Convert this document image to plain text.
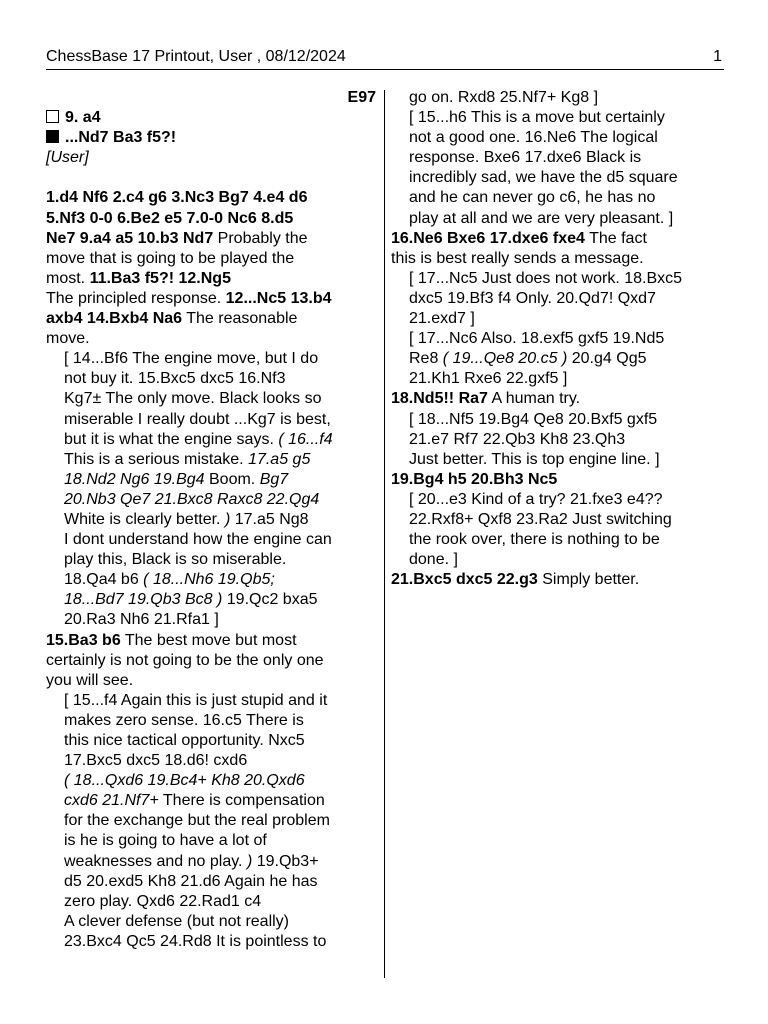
ChessBase 17 Printout, User , 08/12/2024	1
E97
9. a4
...Nd7 Ba3 f5?!
[User]

1.d4 Nf6 2.c4 g6 3.Nc3 Bg7 4.e4 d6
5.Nf3 0-0 6.Be2 e5 7.0-0 Nc6 8.d5
Ne7 9.a4 a5 10.b3 Nd7 Probably the
move that is going to be played the
most. 11.Ba3 f5?! 12.Ng5
The principled response. 12...Nc5 13.b4
axb4 14.Bxb4 Na6 The reasonable
move.
[ 14...Bf6 The engine move, but I do
not buy it. 15.Bxc5 dxc5 16.Nf3
Kg7± The only move. Black looks so
miserable I really doubt ...Kg7 is best,
but it is what the engine says. ( 16...f4
This is a serious mistake. 17.a5 g5
18.Nd2 Ng6 19.Bg4 Boom. Bg7
20.Nb3 Qe7 21.Bxc8 Raxc8 22.Qg4
White is clearly better. ) 17.a5 Ng8
I dont understand how the engine can
play this, Black is so miserable.
18.Qa4 b6 ( 18...Nh6 19.Qb5;
18...Bd7 19.Qb3 Bc8 ) 19.Qc2 bxa5
20.Ra3 Nh6 21.Rfa1 ]
15.Ba3 b6 The best move but most
certainly is not going to be the only one
you will see.
[ 15...f4 Again this is just stupid and it
makes zero sense. 16.c5 There is
this nice tactical opportunity. Nxc5
17.Bxc5 dxc5 18.d6! cxd6
( 18...Qxd6 19.Bc4+ Kh8 20.Qxd6
cxd6 21.Nf7+ There is compensation
for the exchange but the real problem
is he is going to have a lot of
weaknesses and no play. ) 19.Qb3+
d5 20.exd5 Kh8 21.d6 Again he has
zero play. Qxd6 22.Rad1 c4
A clever defense (but not really)
23.Bxc4 Qc5 24.Rd8 It is pointless to
go on. Rxd8 25.Nf7+ Kg8 ]
[ 15...h6 This is a move but certainly
not a good one. 16.Ne6 The logical
response. Bxe6 17.dxe6 Black is
incredibly sad, we have the d5 square
and he can never go c6, he has no
play at all and we are very pleasant. ]
16.Ne6 Bxe6 17.dxe6 fxe4 The fact
this is best really sends a message.
[ 17...Nc5 Just does not work. 18.Bxc5
dxc5 19.Bf3 f4 Only. 20.Qd7! Qxd7
21.exd7 ]
[ 17...Nc6 Also. 18.exf5 gxf5 19.Nd5
Re8 ( 19...Qe8 20.c5 ) 20.g4 Qg5
21.Kh1 Rxe6 22.gxf5 ]
18.Nd5!! Ra7 A human try.
[ 18...Nf5 19.Bg4 Qe8 20.Bxf5 gxf5
21.e7 Rf7 22.Qb3 Kh8 23.Qh3
Just better. This is top engine line. ]
19.Bg4 h5 20.Bh3 Nc5
[ 20...e3 Kind of a try? 21.fxe3 e4??
22.Rxf8+ Qxf8 23.Ra2 Just switching
the rook over, there is nothing to be
done. ]
21.Bxc5 dxc5 22.g3 Simply better.
